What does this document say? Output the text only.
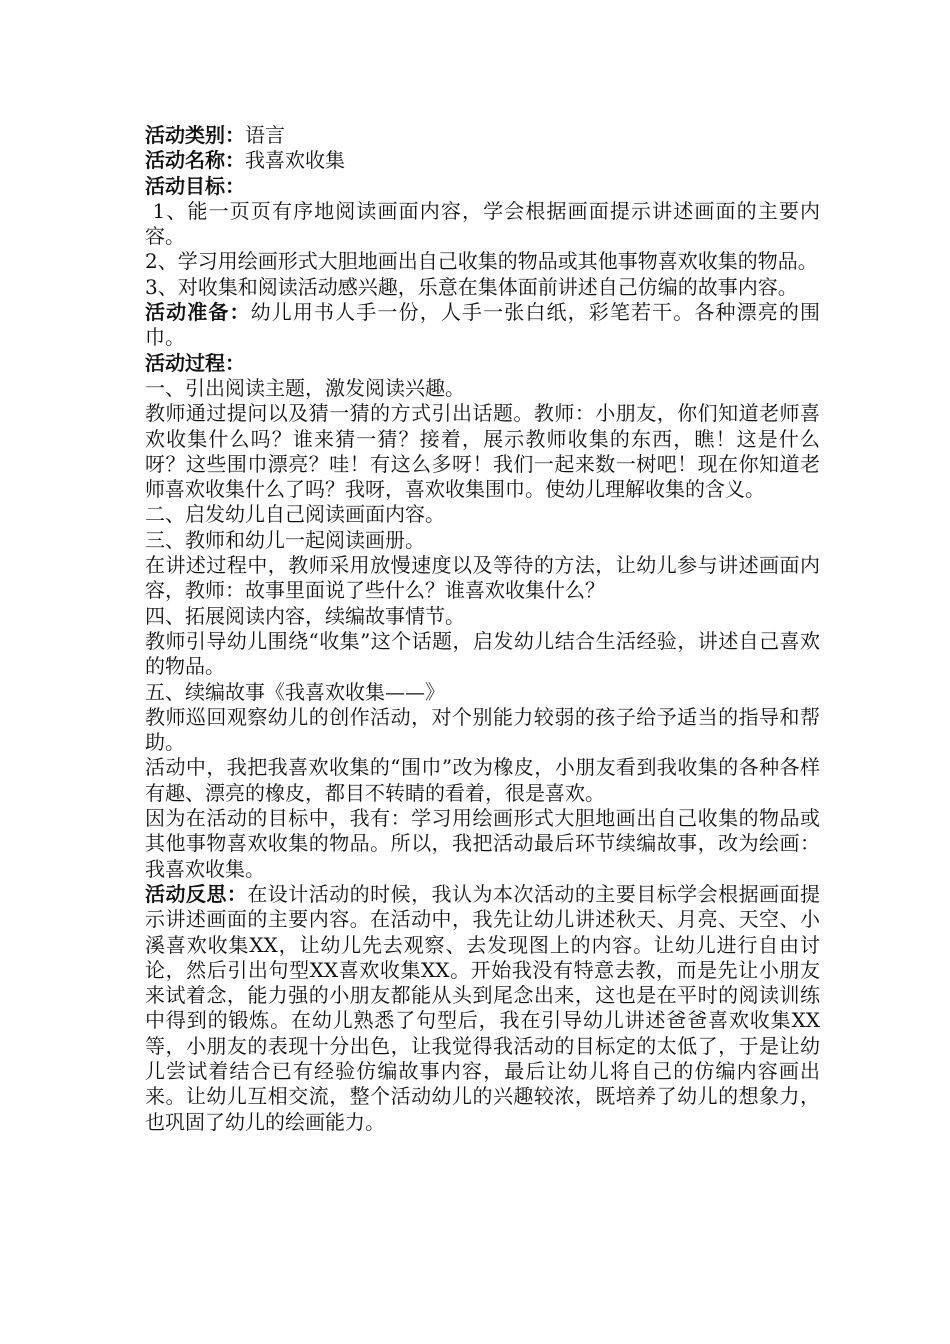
活动类别：语言

活动名称：我喜欢收集

活动目标：

1、能一页页有序地阅读画面内容，学会根据画面提示讲述画面的主要内容。

2、学习用绘画形式大胆地画出自己收集的物品或其他事物喜欢收集的物品。

3、对收集和阅读活动感兴趣，乐意在集体面前讲述自己仿编的故事内容。

活动准备：幼儿用书人手一份，人手一张白纸，彩笔若干。各种漂亮的围巾。

活动过程：

一、引出阅读主题，激发阅读兴趣。

教师通过提问以及猜一猜的方式引出话题。教师：小朋友，你们知道老师喜欢收集什么吗？谁来猜一猜？接着，展示教师收集的东西，瞧！这是什么呀？这些围巾漂亮？哇！有这么多呀！我们一起来数一树吧！现在你知道老师喜欢收集什么了吗？我呀，喜欢收集围巾。使幼儿理解收集的含义。

二、启发幼儿自己阅读画面内容。

三、教师和幼儿一起阅读画册。

在讲述过程中，教师采用放慢速度以及等待的方法，让幼儿参与讲述画面内容，教师：故事里面说了些什么？谁喜欢收集什么？

四、拓展阅读内容，续编故事情节。

教师引导幼儿围绕“收集”这个话题，启发幼儿结合生活经验，讲述自己喜欢的物品。

五、续编故事《我喜欢收集——》

教师巡回观察幼儿的创作活动，对个别能力较弱的孩子给予适当的指导和帮助。

活动中，我把我喜欢收集的“围巾”改为橡皮，小朋友看到我收集的各种各样有趣、漂亮的橡皮，都目不转睛的看着，很是喜欢。

因为在活动的目标中，我有：学习用绘画形式大胆地画出自己收集的物品或其他事物喜欢收集的物品。所以，我把活动最后环节续编故事，改为绘画：我喜欢收集。

活动反思：在设计活动的时候，我认为本次活动的主要目标学会根据画面提示讲述画面的主要内容。在活动中，我先让幼儿讲述秋天、月亮、天空、小溪喜欢收集XX，让幼儿先去观察、去发现图上的内容。让幼儿进行自由讨论，然后引出句型XX喜欢收集XX。开始我没有特意去教，而是先让小朋友来试着念，能力强的小朋友都能从头到尾念出来，这也是在平时的阅读训练中得到的锻炼。在幼儿熟悉了句型后，我在引导幼儿讲述爸爸喜欢收集XX等，小朋友的表现十分出色，让我觉得我活动的目标定的太低了，于是让幼儿尝试着结合已有经验仿编故事内容，最后让幼儿将自己的仿编内容画出来。让幼儿互相交流，整个活动幼儿的兴趣较浓，既培养了幼儿的想象力，也巩固了幼儿的绘画能力。
